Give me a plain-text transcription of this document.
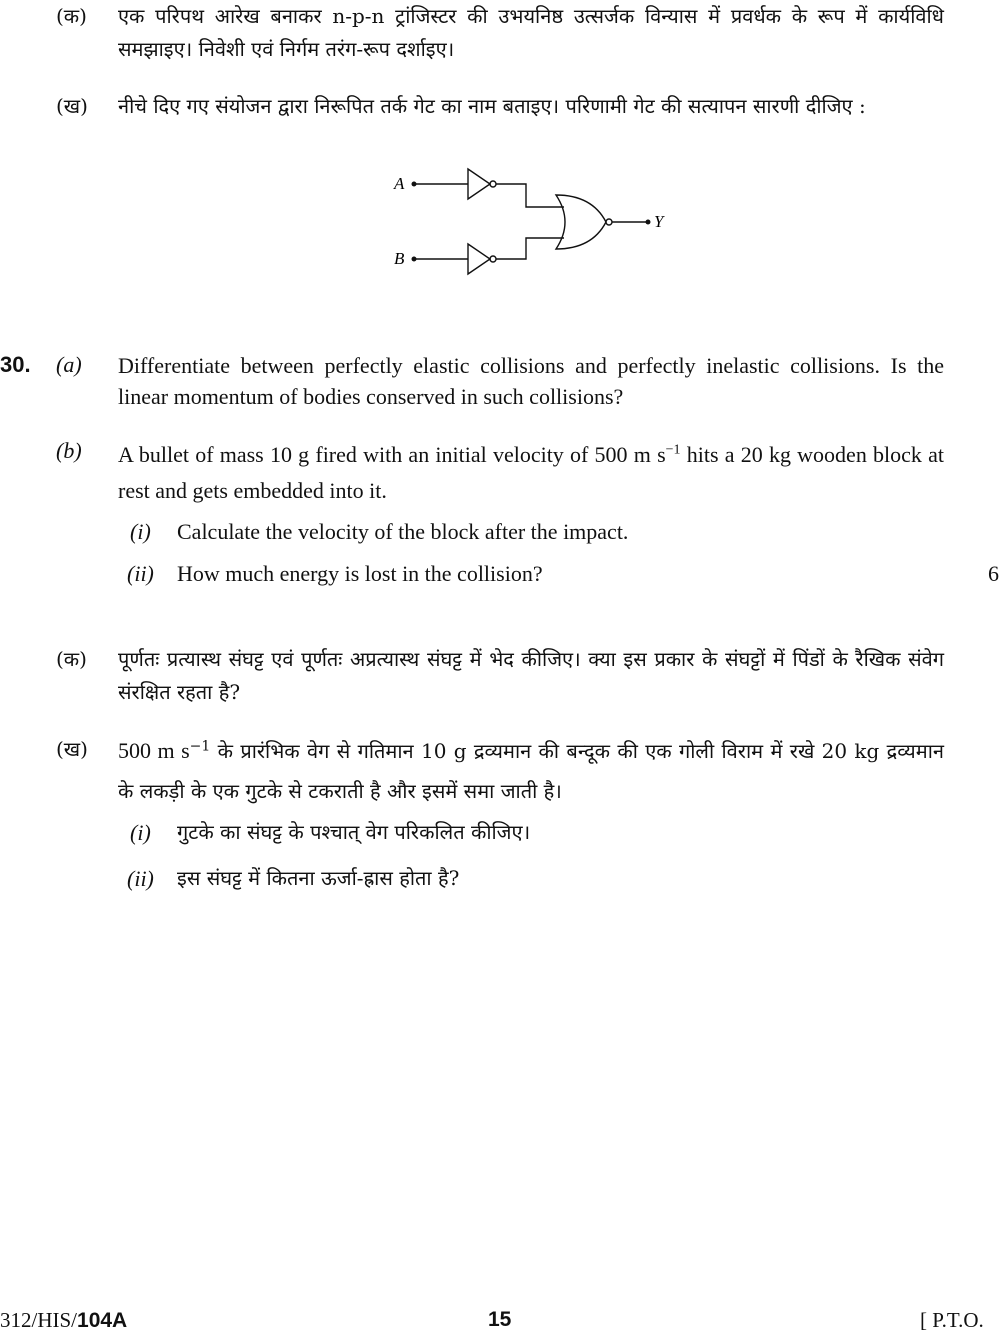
(क) एक परिपथ आरेख बनाकर n-p-n ट्रांजिस्टर की उभयनिष्ठ उत्सर्जक विन्यास में प्रवर्धक के रूप में कार्यविधि समझाइए। निवेशी एवं निर्गम तरंग-रूप दर्शाइए।
(ख) नीचे दिए गए संयोजन द्वारा निरूपित तर्क गेट का नाम बताइए। परिणामी गेट की सत्यापन सारणी दीजिए :
A
B
Y
30. (a) Differentiate between perfectly elastic collisions and perfectly inelastic collisions. Is the linear momentum of bodies conserved in such collisions?
(b) A bullet of mass 10 g fired with an initial velocity of 500 m $s^{-1}$ hits a 20 kg wooden block at rest and gets embedded into it.
(i) Calculate the velocity of the block after the impact.
(ii) How much energy is lost in the collision?	6
(क) पूर्णतः प्रत्यास्थ संघट्ट एवं पूर्णतः अप्रत्यास्थ संघट्ट में भेद कीजिए। क्या इस प्रकार के संघट्टों में पिंडों के रैखिक संवेग संरक्षित रहता है?
(ख) 500 m $s^{-1}$ के प्रारंभिक वेग से गतिमान 10 g द्रव्यमान की बन्दूक की एक गोली विराम में रखे 20 kg द्रव्यमान के लकड़ी के एक गुटके से टकराती है और इसमें समा जाती है।
(i) गुटके का संघट्ट के पश्चात् वेग परिकलित कीजिए।
(ii) इस संघट्ट में कितना ऊर्जा-ह्रास होता है?
312/HIS/104A	15	[ P.T.O.
